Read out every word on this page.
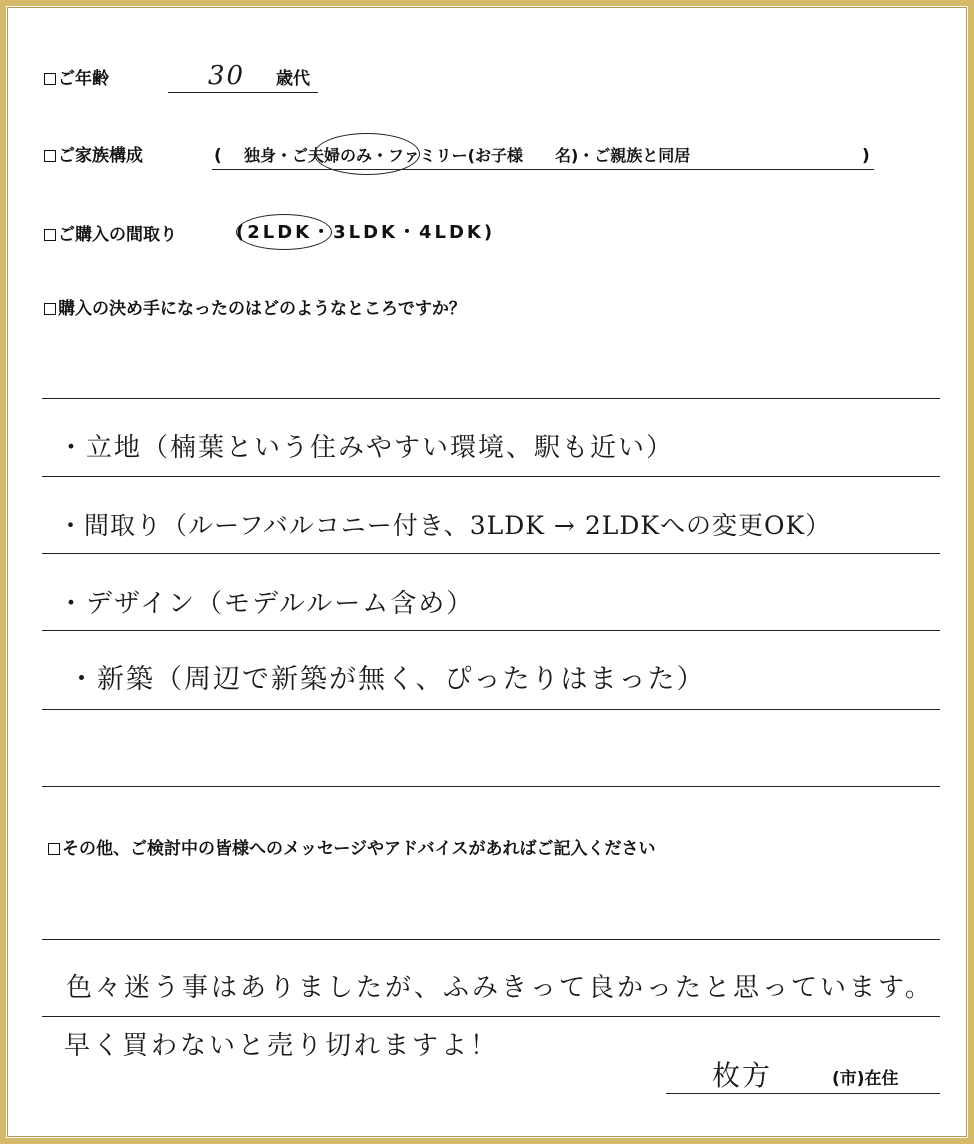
ご年齢	30 歳代
ご家族構成	( 独身・ご夫婦のみ・ファミリー(お子様　　名)・ご親族と同居	)
ご購入の間取り	(2LDK・3LDK・4LDK)
購入の決め手になったのはどのようなところですか？
・立地（楠葉という住みやすい環境、駅も近い）
・間取り（ルーフバルコニー付き、3LDK → 2LDKへの変更OK）
・デザイン（モデルルーム含め）
・新築（周辺で新築が無く、ぴったりはまった）
その他、ご検討中の皆様へのメッセージやアドバイスがあればご記入ください
色々迷う事はありましたが、ふみきって良かったと思っています。
早く買わないと売り切れますよ！
枚方	(市)在住
